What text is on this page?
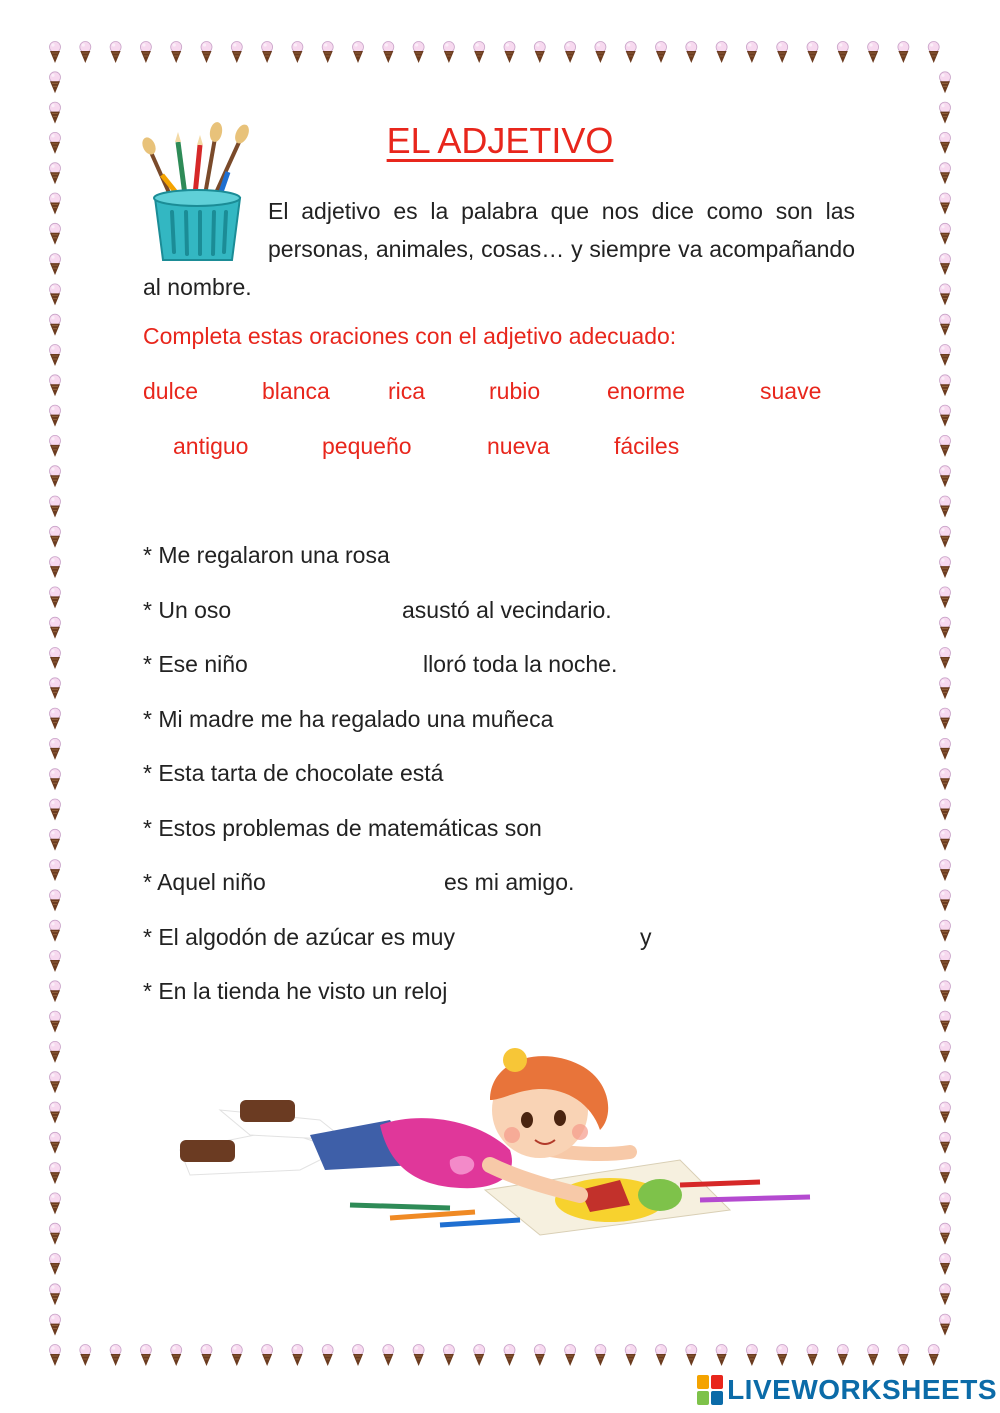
EL ADJETIVO
El adjetivo es la palabra que nos dice como son las personas, animales, cosas… y siempre va acompañando al nombre.
Completa estas oraciones con el adjetivo adecuado:
dulce	blanca	rica	rubio	enorme	suave
antiguo	pequeño	nueva	fáciles
* Me regalaron una rosa
* Un oso	asustó al vecindario.
* Ese niño	lloró toda la noche.
* Mi madre me ha regalado una muñeca
* Esta tarta de chocolate está
* Estos problemas de matemáticas son
* Aquel niño	es mi amigo.
* El algodón de azúcar es muy	y
* En la tienda he visto un reloj
LIVEWORKSHEETS
